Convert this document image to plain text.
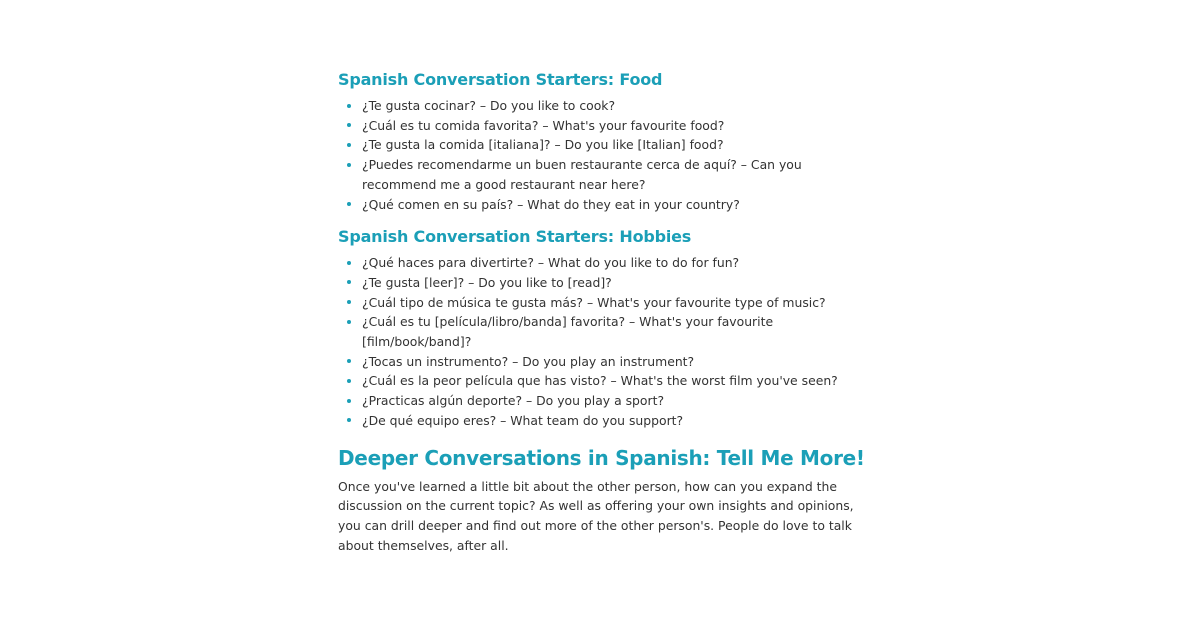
Spanish Conversation Starters: Food
¿Te gusta cocinar? – Do you like to cook?
¿Cuál es tu comida favorita? – What's your favourite food?
¿Te gusta la comida [italiana]? – Do you like [Italian] food?
¿Puedes recomendarme un buen restaurante cerca de aquí? – Can you recommend me a good restaurant near here?
¿Qué comen en su país? – What do they eat in your country?
Spanish Conversation Starters: Hobbies
¿Qué haces para divertirte? – What do you like to do for fun?
¿Te gusta [leer]? – Do you like to [read]?
¿Cuál tipo de música te gusta más? – What's your favourite type of music?
¿Cuál es tu [película/libro/banda] favorita? – What's your favourite [film/book/band]?
¿Tocas un instrumento? – Do you play an instrument?
¿Cuál es la peor película que has visto? – What's the worst film you've seen?
¿Practicas algún deporte? – Do you play a sport?
¿De qué equipo eres? – What team do you support?
Deeper Conversations in Spanish: Tell Me More!

Once you've learned a little bit about the other person, how can you expand the discussion on the current topic? As well as offering your own insights and opinions, you can drill deeper and find out more of the other person's. People do love to talk about themselves, after all.
